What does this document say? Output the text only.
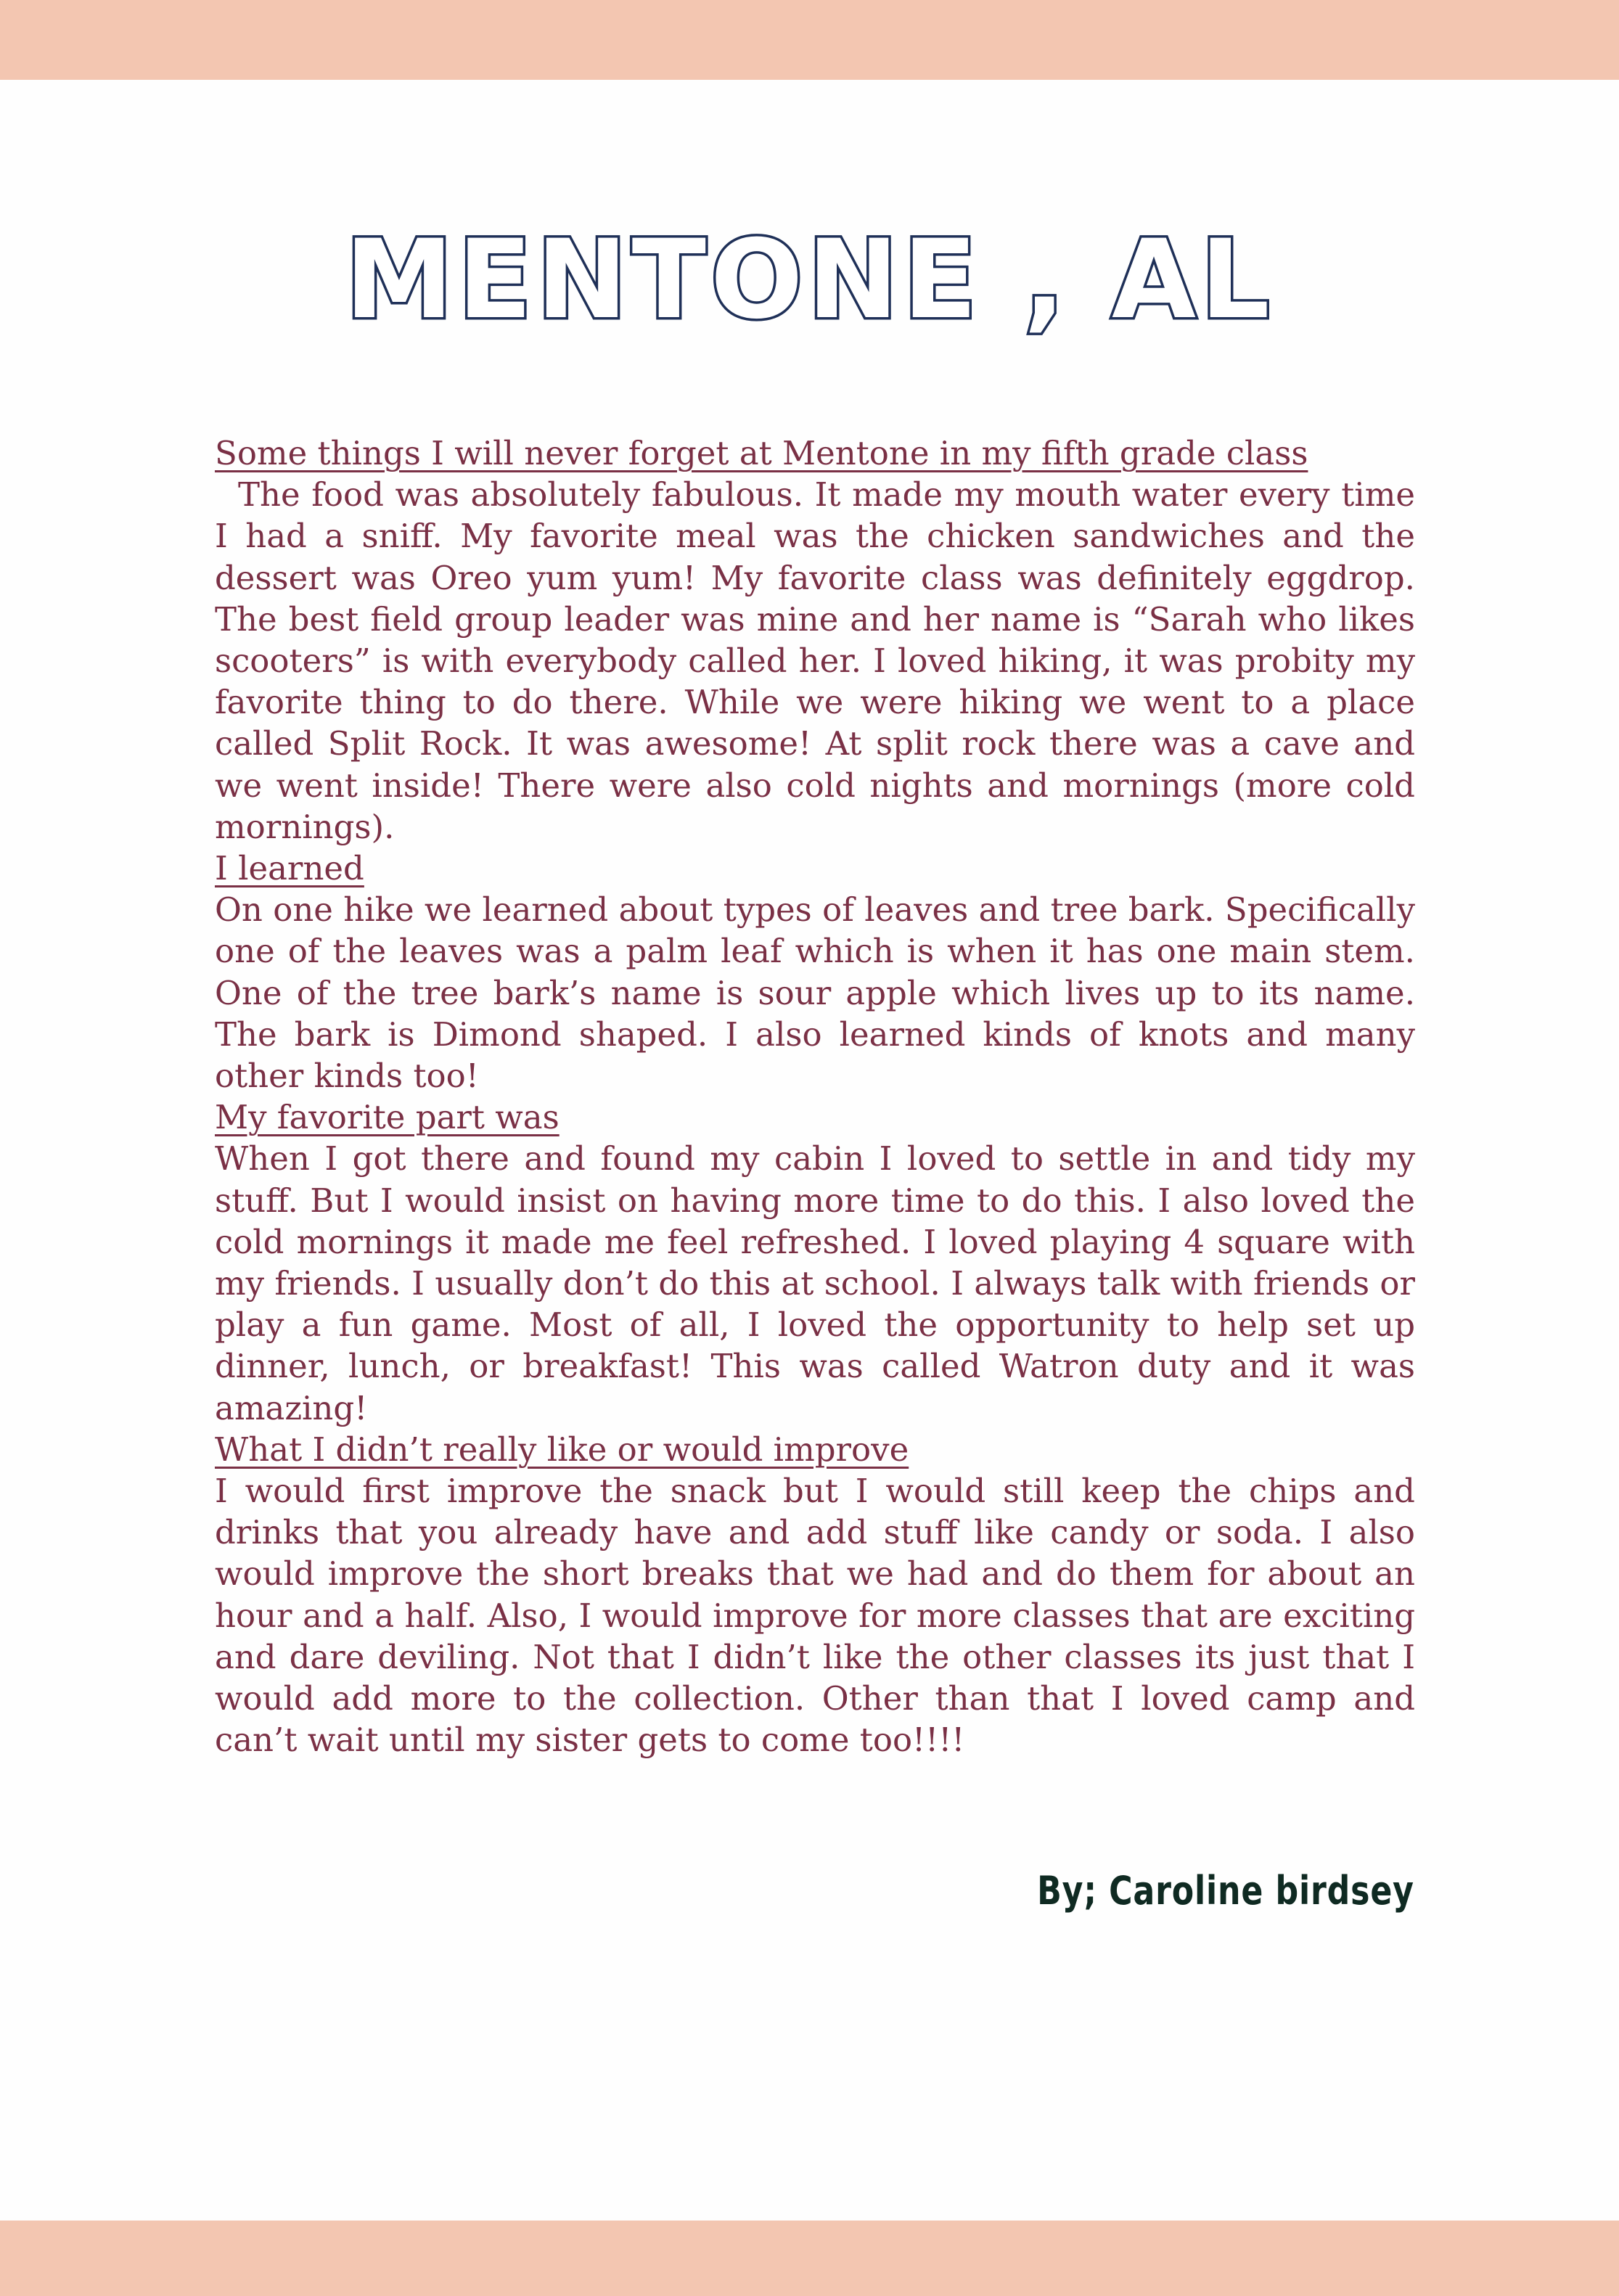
MENTONE , AL

Some things I will never forget at Mentone in my fifth grade class

The food was absolutely fabulous. It made my mouth water every time I had a sniff. My favorite meal was the chicken sandwiches and the dessert was Oreo yum yum! My favorite class was definitely eggdrop. The best field group leader was mine and her name is “Sarah who likes scooters” is with everybody called her. I loved hiking, it was probity my favorite thing to do there. While we were hiking we went to a place called Split Rock. It was awesome! At split rock there was a cave and we went inside! There were also cold nights and mornings (more cold mornings).

I learned

On one hike we learned about types of leaves and tree bark. Specifically one of the leaves was a palm leaf which is when it has one main stem. One of the tree bark’s name is sour apple which lives up to its name. The bark is Dimond shaped. I also learned kinds of knots and many other kinds too!

My favorite part was

When I got there and found my cabin I loved to settle in and tidy my stuff. But I would insist on having more time to do this. I also loved the cold mornings it made me feel refreshed. I loved playing 4 square with my friends. I usually don’t do this at school. I always talk with friends or play a fun game. Most of all, I loved the opportunity to help set up dinner, lunch, or breakfast! This was called Watron duty and it was amazing!

What I didn’t really like or would improve

I would first improve the snack but I would still keep the chips and drinks that you already have and add stuff like candy or soda. I also would improve the short breaks that we had and do them for about an hour and a half. Also, I would improve for more classes that are exciting and dare deviling. Not that I didn’t like the other classes its just that I would add more to the collection. Other than that I loved camp and can’t wait until my sister gets to come too!!!!

By; Caroline birdsey
